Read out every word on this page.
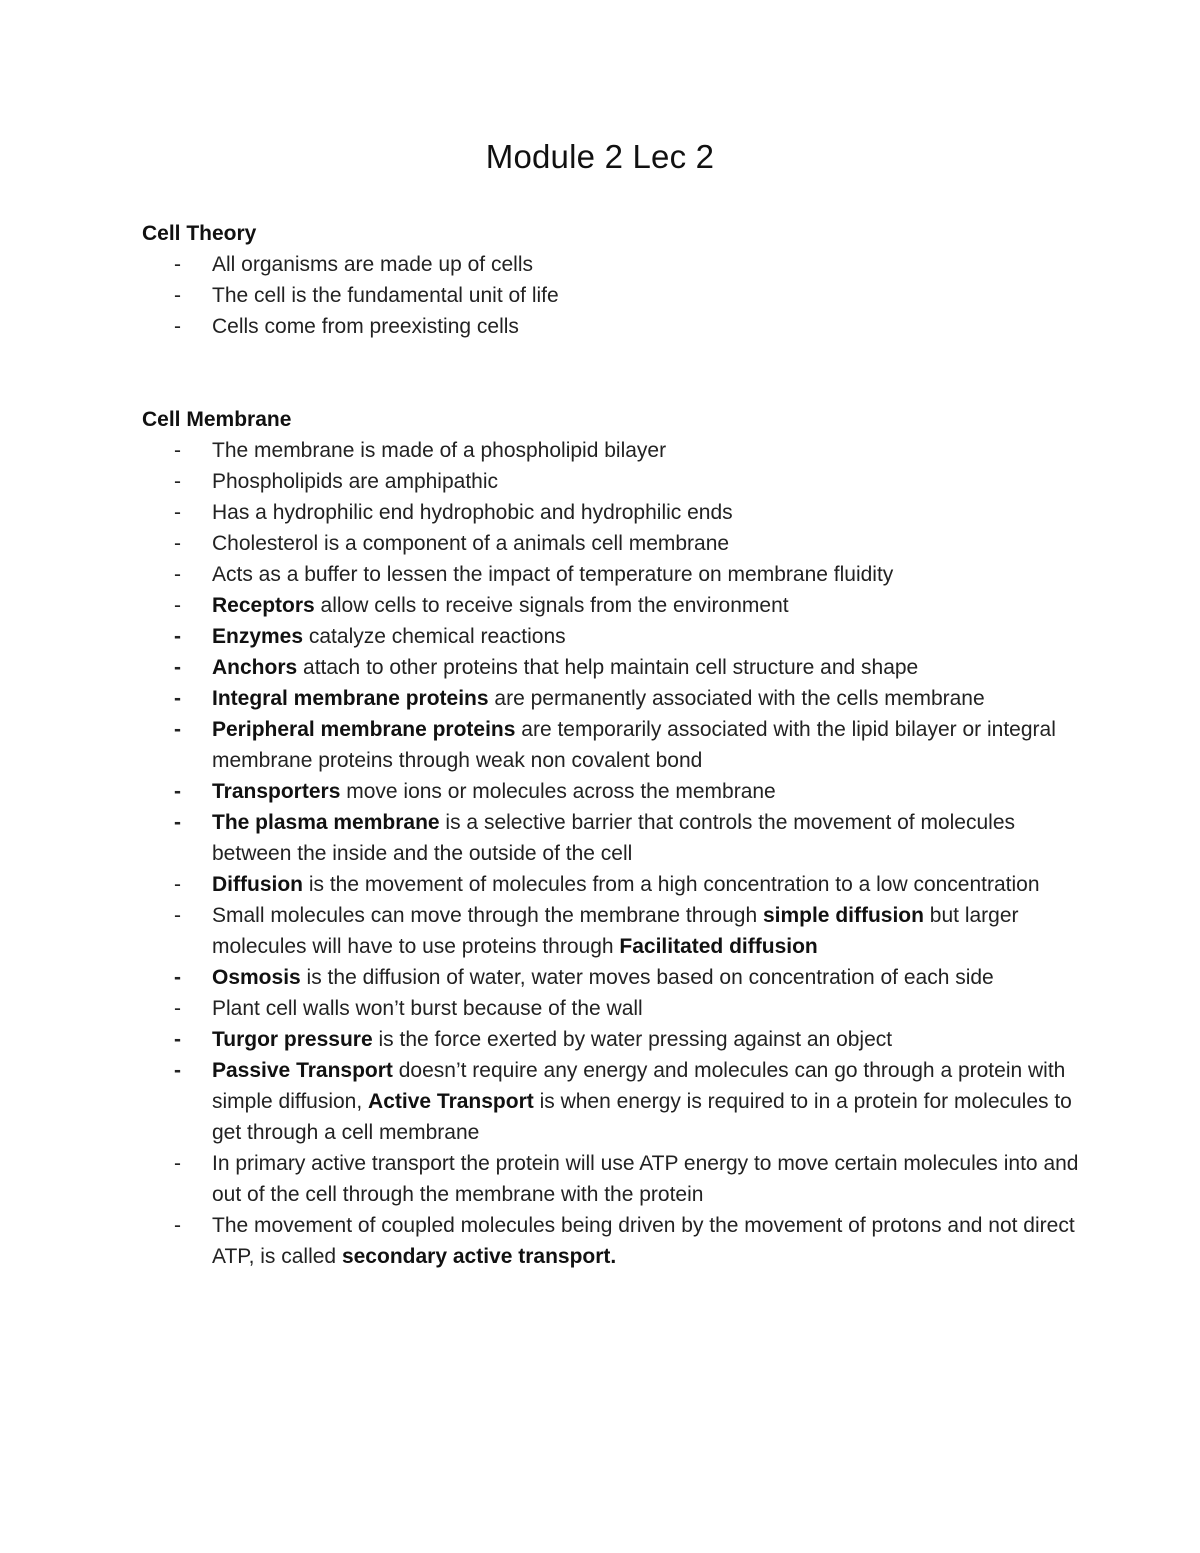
Module 2 Lec 2
Cell Theory
- All organisms are made up of cells
- The cell is the fundamental unit of life
- Cells come from preexisting cells
Cell Membrane
- The membrane is made of a phospholipid bilayer
- Phospholipids are amphipathic
- Has a hydrophilic end hydrophobic and hydrophilic ends
- Cholesterol is a component of a animals cell membrane
- Acts as a buffer to lessen the impact of temperature on membrane fluidity
- Receptors allow cells to receive signals from the environment
- Enzymes catalyze chemical reactions
- Anchors attach to other proteins that help maintain cell structure and shape
- Integral membrane proteins are permanently associated with the cells membrane
- Peripheral membrane proteins are temporarily associated with the lipid bilayer or integral membrane proteins through weak non covalent bond
- Transporters move ions or molecules across the membrane
- The plasma membrane is a selective barrier that controls the movement of molecules between the inside and the outside of the cell
- Diffusion is the movement of molecules from a high concentration to a low concentration
- Small molecules can move through the membrane through simple diffusion but larger molecules will have to use proteins through Facilitated diffusion
- Osmosis is the diffusion of water, water moves based on concentration of each side
- Plant cell walls won’t burst because of the wall
- Turgor pressure is the force exerted by water pressing against an object
- Passive Transport doesn’t require any energy and molecules can go through a protein with simple diffusion, Active Transport is when energy is required to in a protein for molecules to get through a cell membrane
- In primary active transport the protein will use ATP energy to move certain molecules into and out of the cell through the membrane with the protein
- The movement of coupled molecules being driven by the movement of protons and not direct ATP, is called secondary active transport.
